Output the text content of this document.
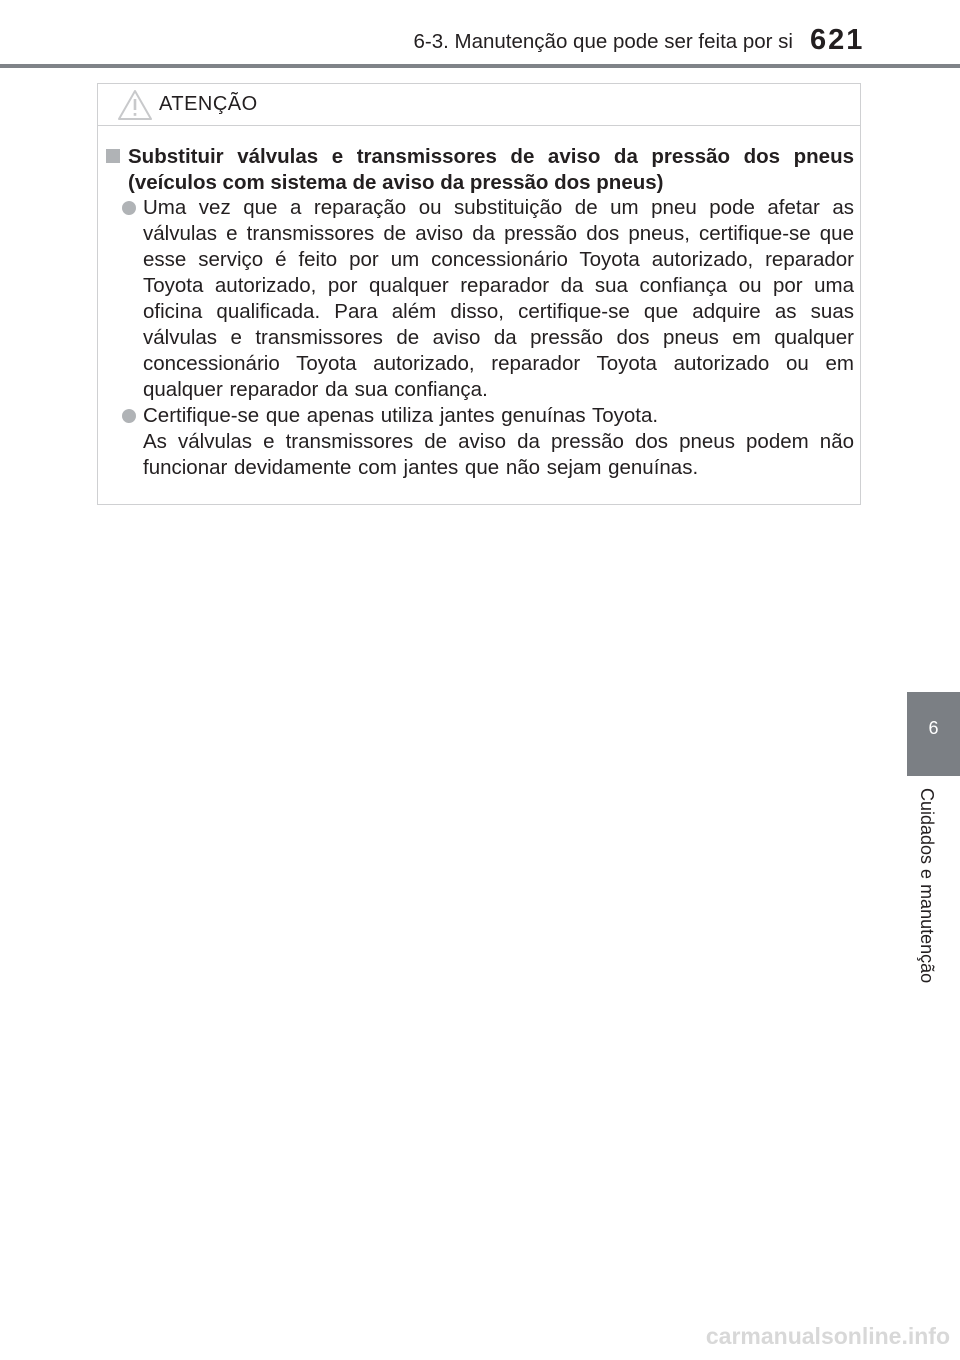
6-3. Manutenção que pode ser feita por si 621
ATENÇÃO
Substituir válvulas e transmissores de aviso da pressão dos pneus (veículos com sistema de aviso da pressão dos pneus)
Uma vez que a reparação ou substituição de um pneu pode afetar as válvulas e transmissores de aviso da pressão dos pneus, certifique-se que esse serviço é feito por um concessionário Toyota autorizado, reparador Toyota autorizado, por qualquer reparador da sua confiança ou por uma oficina qualificada. Para além disso, certifique-se que adquire as suas válvulas e transmissores de aviso da pressão dos pneus em qualquer concessionário Toyota autorizado, reparador Toyota autorizado ou em qualquer reparador da sua confiança.
Certifique-se que apenas utiliza jantes genuínas Toyota.
As válvulas e transmissores de aviso da pressão dos pneus podem não funcionar devidamente com jantes que não sejam genuínas.
6
Cuidados e manutenção
carmanualsonline.info
